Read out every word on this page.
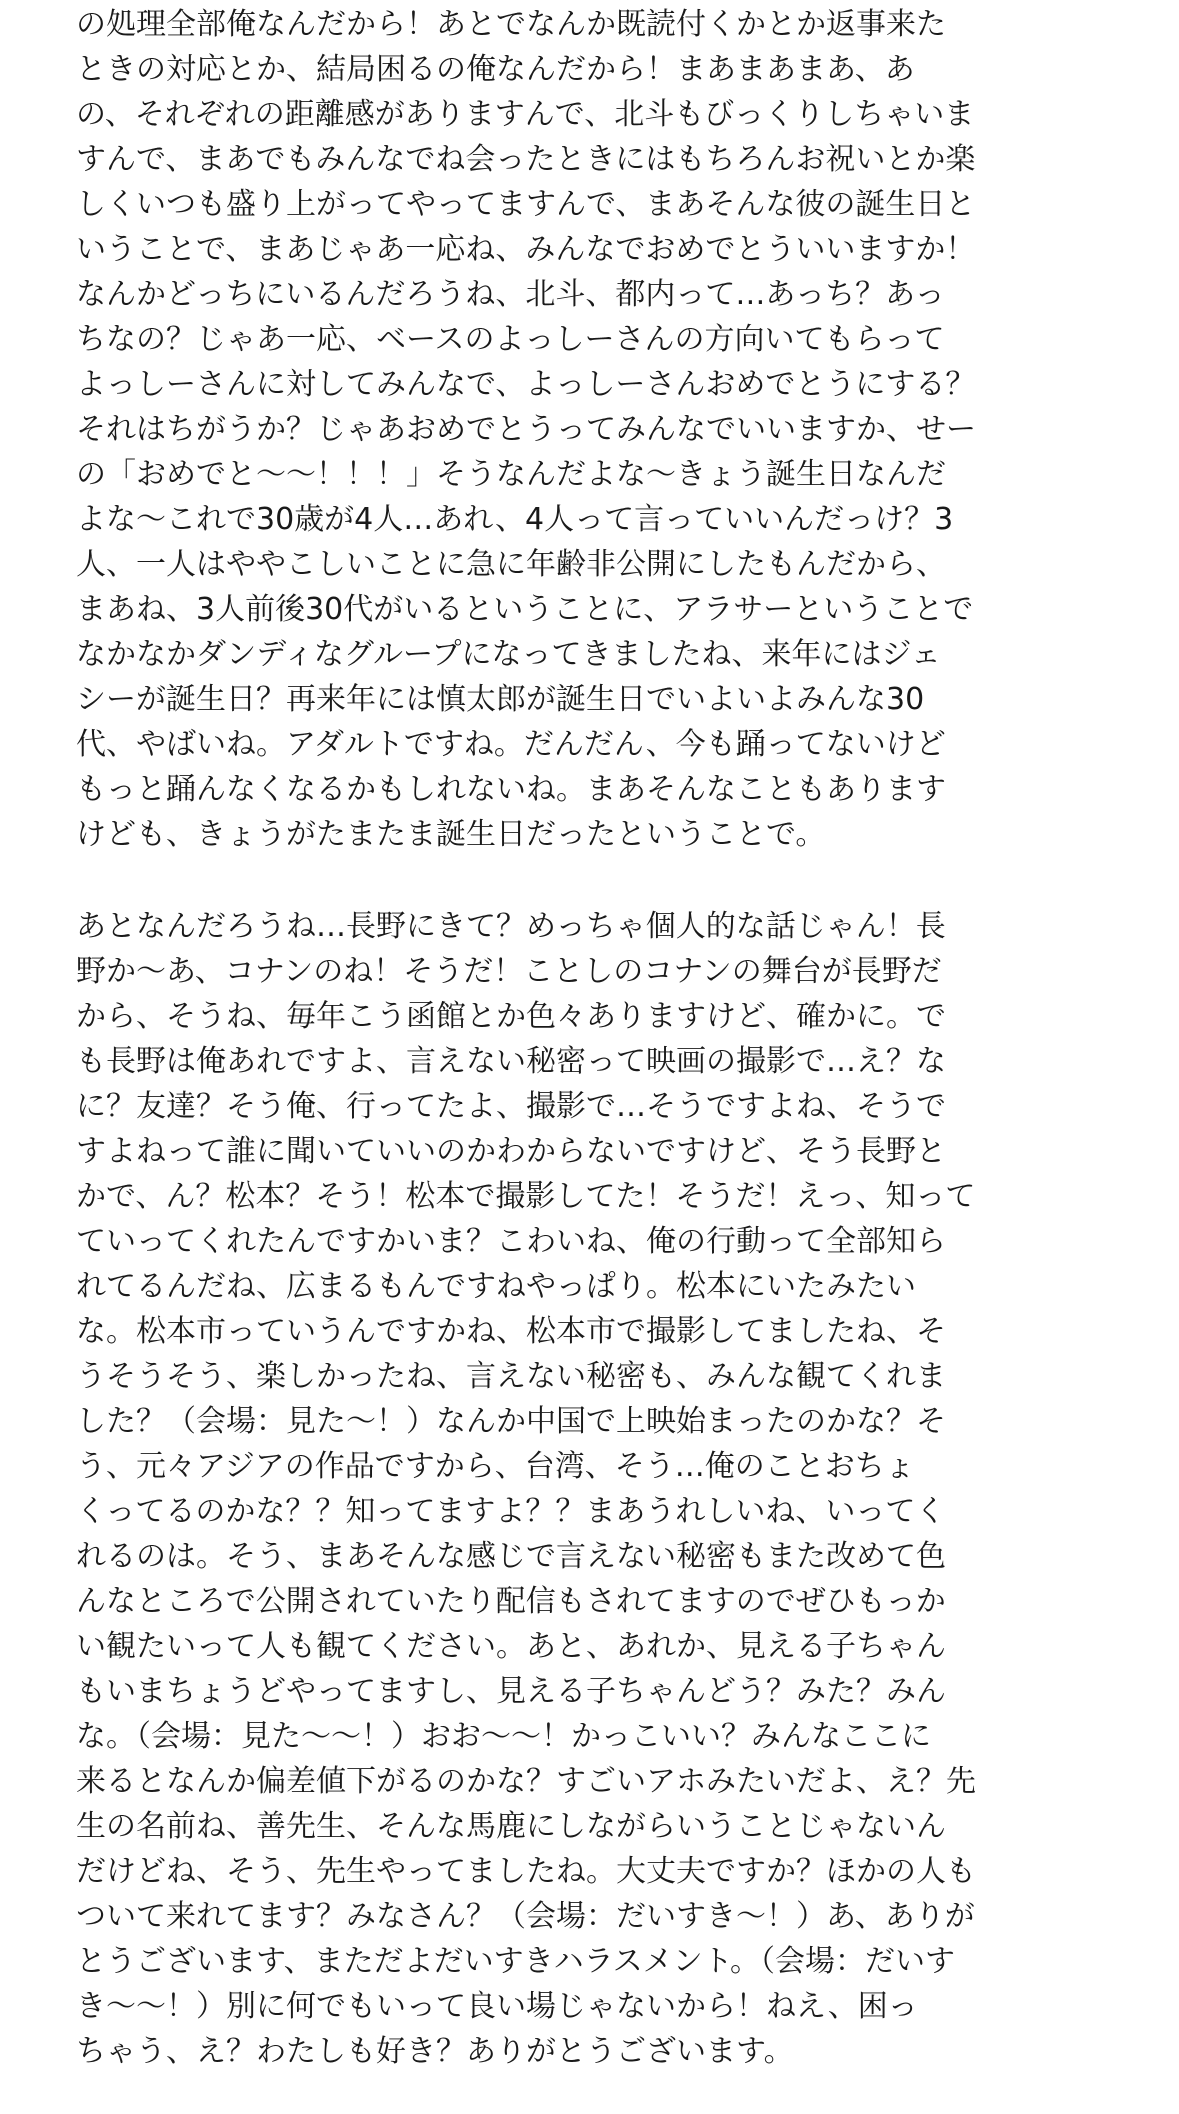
の処理全部俺なんだから！あとでなんか既読付くかとか返事来た
ときの対応とか、結局困るの俺なんだから！まあまあまあ、あ
の、それぞれの距離感がありますんで、北斗もびっくりしちゃいま
すんで、まあでもみんなでね会ったときにはもちろんお祝いとか楽
しくいつも盛り上がってやってますんで、まあそんな彼の誕生日と
いうことで、まあじゃあ一応ね、みんなでおめでとういいますか！
なんかどっちにいるんだろうね、北斗、都内って…あっち？あっ
ちなの？じゃあ一応、ベースのよっしーさんの方向いてもらって
よっしーさんに対してみんなで、よっしーさんおめでとうにする？
それはちがうか？じゃあおめでとうってみんなでいいますか、せー
の「おめでと〜〜！！！」そうなんだよな〜きょう誕生日なんだ
よな〜これで30歳が4人…あれ、4人って言っていいんだっけ？3
人、一人はややこしいことに急に年齢非公開にしたもんだから、
まあね、3人前後30代がいるということに、アラサーということで
なかなかダンディなグループになってきましたね、来年にはジェ
シーが誕生日？再来年には慎太郎が誕生日でいよいよみんな30
代、やばいね。アダルトですね。だんだん、今も踊ってないけど
もっと踊んなくなるかもしれないね。まあそんなこともあります
けども、きょうがたまたま誕生日だったということで。
あとなんだろうね…長野にきて？めっちゃ個人的な話じゃん！長
野か〜あ、コナンのね！そうだ！ことしのコナンの舞台が長野だ
から、そうね、毎年こう函館とか色々ありますけど、確かに。で
も長野は俺あれですよ、言えない秘密って映画の撮影で…え？な
に？友達？そう俺、行ってたよ、撮影で…そうですよね、そうで
すよねって誰に聞いていいのかわからないですけど、そう長野と
かで、ん？松本？そう！松本で撮影してた！そうだ！えっ、知って
ていってくれたんですかいま？こわいね、俺の行動って全部知ら
れてるんだね、広まるもんですねやっぱり。松本にいたみたい
な。松本市っていうんですかね、松本市で撮影してましたね、そ
うそうそう、楽しかったね、言えない秘密も、みんな観てくれま
した？（会場：見た〜！）なんか中国で上映始まったのかな？そ
う、元々アジアの作品ですから、台湾、そう…俺のことおちょ
くってるのかな？？知ってますよ？？まあうれしいね、いってく
れるのは。そう、まあそんな感じで言えない秘密もまた改めて色
んなところで公開されていたり配信もされてますのでぜひもっか
い観たいって人も観てください。あと、あれか、見える子ちゃん
もいまちょうどやってますし、見える子ちゃんどう？みた？みん
な。（会場：見た〜〜！）おお〜〜！かっこいい？みんなここに
来るとなんか偏差値下がるのかな？すごいアホみたいだよ、え？先
生の名前ね、善先生、そんな馬鹿にしながらいうことじゃないん
だけどね、そう、先生やってましたね。大丈夫ですか？ほかの人も
ついて来れてます？みなさん？（会場：だいすき〜！）あ、ありが
とうございます、まただよだいすきハラスメント。（会場：だいす
き〜〜！）別に何でもいって良い場じゃないから！ねえ、困っ
ちゃう、え？わたしも好き？ありがとうございます。
